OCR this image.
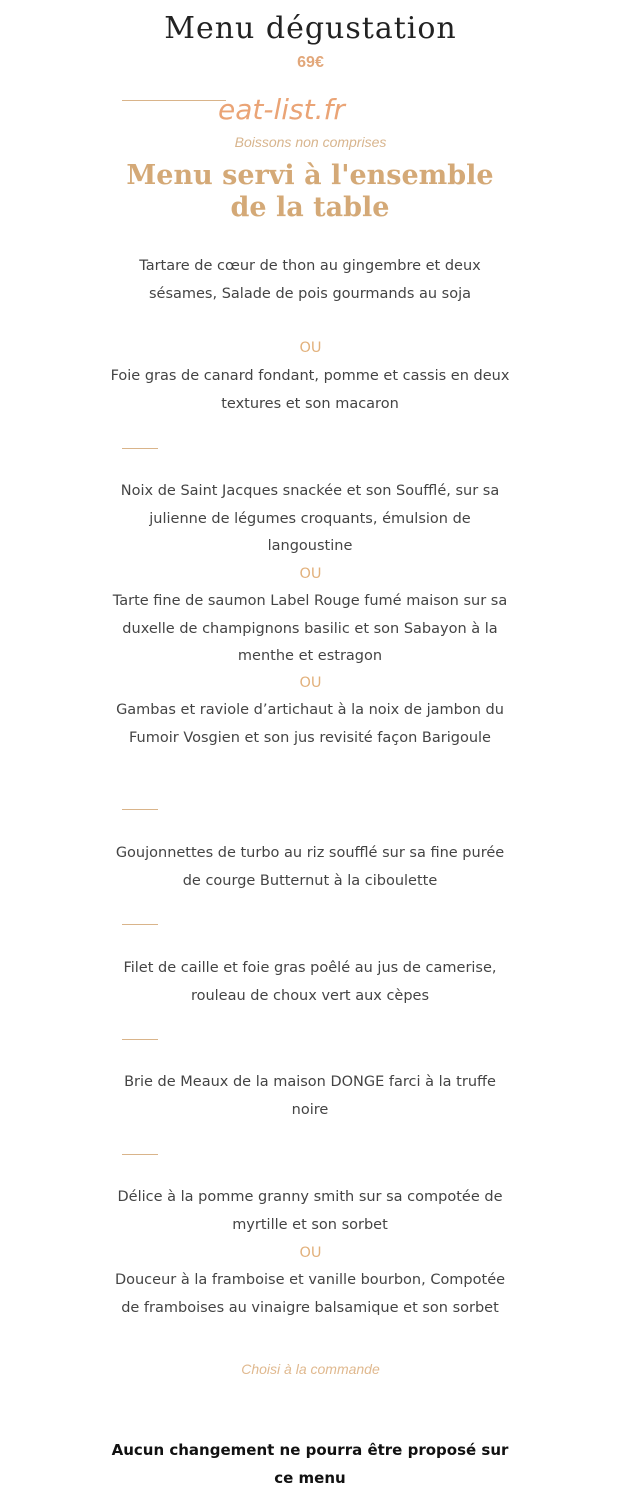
Menu dégustation
69€
eat-list.fr
Boissons non comprises
Menu servi à l'ensemble de la table
Tartare de cœur de thon au gingembre et deux sésames, Salade de pois gourmands au soja
OU
Foie gras de canard fondant, pomme et cassis en deux textures et son macaron
Noix de Saint Jacques snackée et son Soufflé, sur sa julienne de légumes croquants, émulsion de langoustine
OU
Tarte fine de saumon Label Rouge fumé maison sur sa duxelle de champignons basilic et son Sabayon à la menthe et estragon
OU
Gambas et raviole d’artichaut à la noix de jambon du Fumoir Vosgien et son jus revisité façon Barigoule
Goujonnettes de turbo au riz soufflé sur sa fine purée de courge Butternut à la ciboulette
Filet de caille et foie gras poêlé au jus de camerise, rouleau de choux vert aux cèpes
Brie de Meaux de la maison DONGE farci à la truffe noire
Délice à la pomme granny smith sur sa compotée de myrtille et son sorbet
OU
Douceur à la framboise et vanille bourbon, Compotée de framboises au vinaigre balsamique et son sorbet
Choisi à la commande
Aucun changement ne pourra être proposé sur ce menu
